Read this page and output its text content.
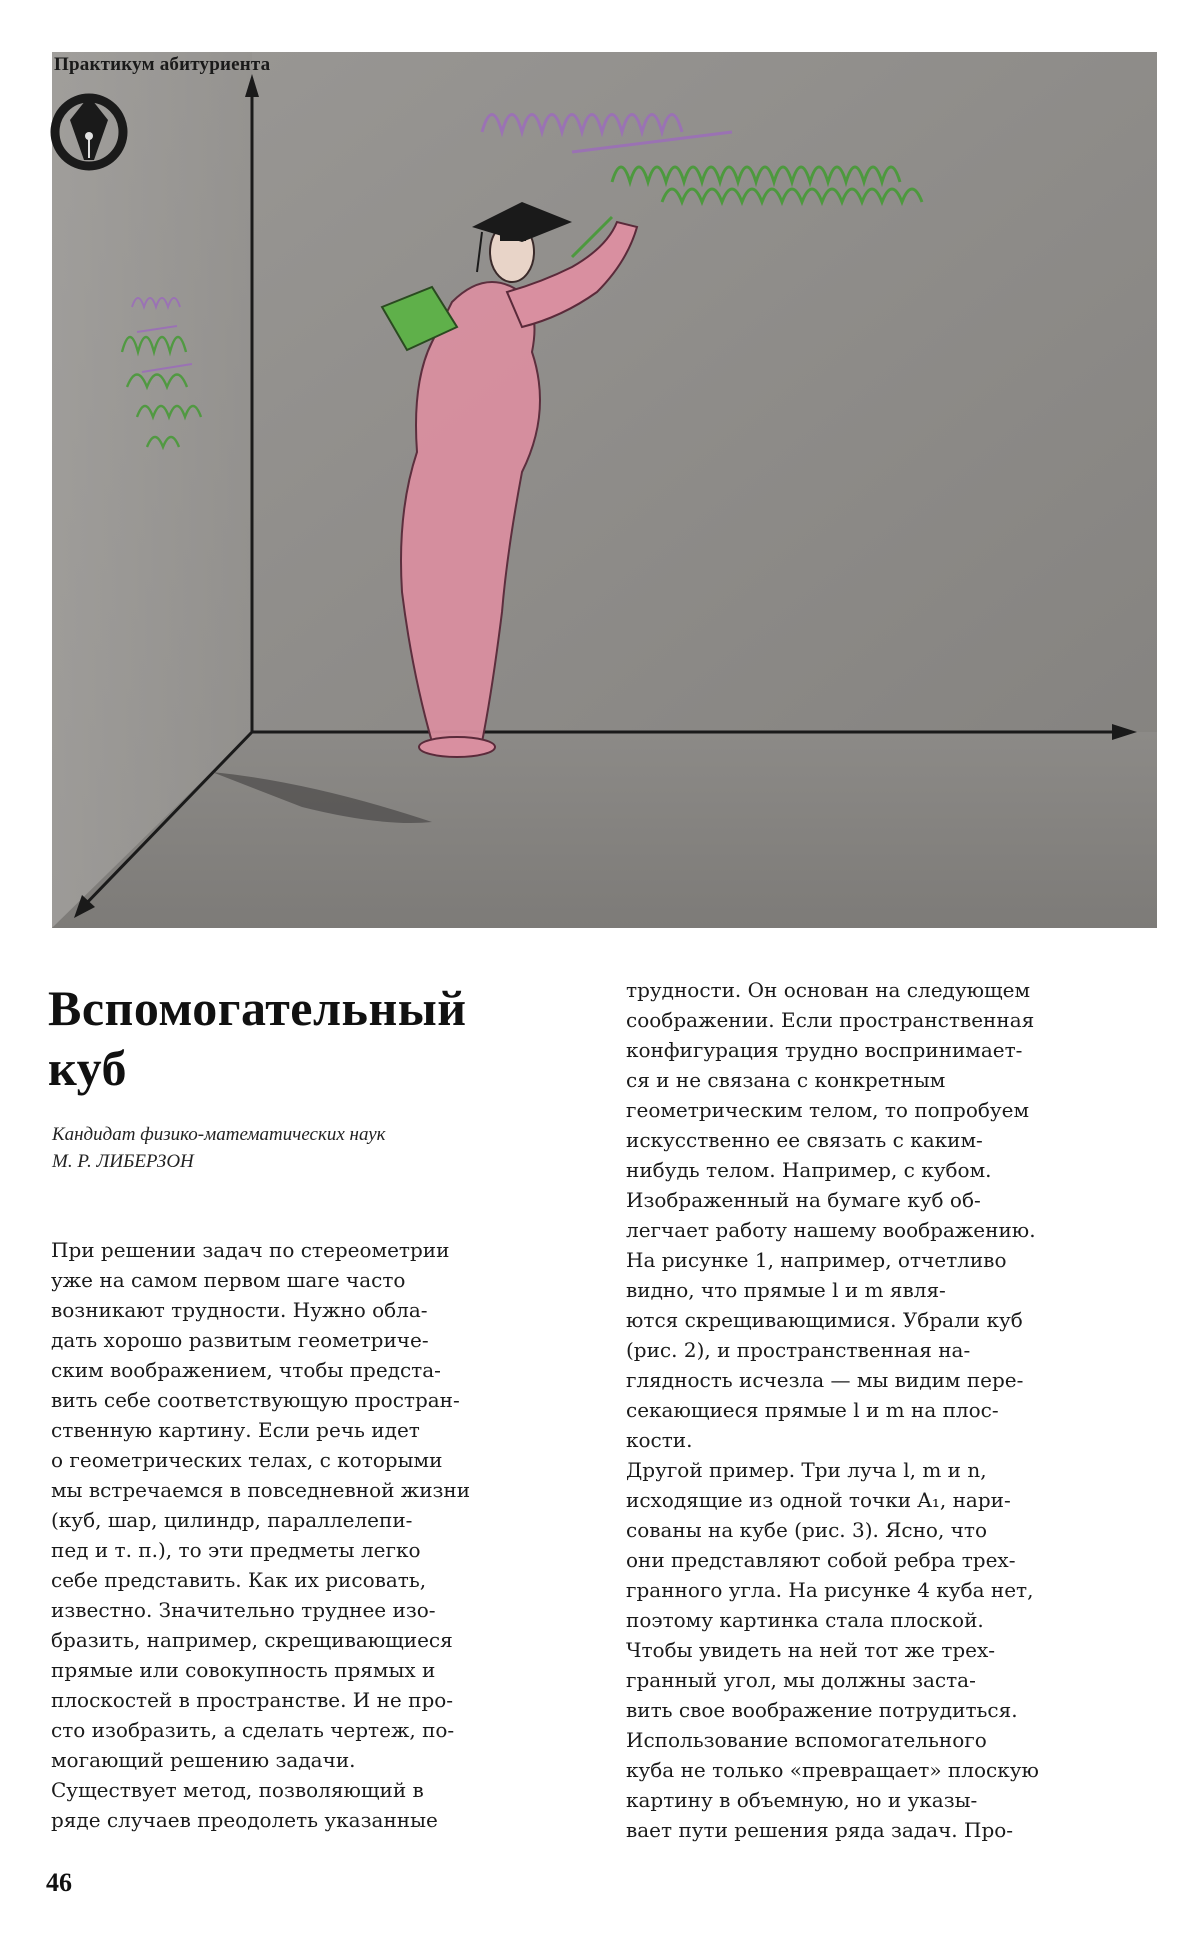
Практикум абитуриента
Вспомогательный
куб
Кандидат физико-математических наук
М. Р. ЛИБЕРЗОН
При решении задач по стереометрии
уже на самом первом шаге часто
возникают трудности. Нужно обла-
дать хорошо развитым геометриче-
ским воображением, чтобы предста-
вить себе соответствующую простран-
ственную картину. Если речь идет
о геометрических телах, с которыми
мы встречаемся в повседневной жизни
(куб, шар, цилиндр, параллелепи-
пед и т. п.), то эти предметы легко
себе представить. Как их рисовать,
известно. Значительно труднее изо-
бразить, например, скрещивающиеся
прямые или совокупность прямых и
плоскостей в пространстве. И не про-
сто изобразить, а сделать чертеж, по-
могающий решению задачи.
Существует метод, позволяющий в
ряде случаев преодолеть указанные
трудности. Он основан на следующем
соображении. Если пространственная
конфигурация трудно воспринимает-
ся и не связана с конкретным
геометрическим телом, то попробуем
искусственно ее связать с каким-
нибудь телом. Например, с кубом.
Изображенный на бумаге куб об-
легчает работу нашему воображению.
На рисунке 1, например, отчетливо
видно, что прямые l и m явля-
ются скрещивающимися. Убрали куб
(рис. 2), и пространственная на-
глядность исчезла — мы видим пере-
секающиеся прямые l и m на плос-
кости.
Другой пример. Три луча l, m и n,
исходящие из одной точки A₁, нари-
сованы на кубе (рис. 3). Ясно, что
они представляют собой ребра трех-
гранного угла. На рисунке 4 куба нет,
поэтому картинка стала плоской.
Чтобы увидеть на ней тот же трех-
гранный угол, мы должны заста-
вить свое воображение потрудиться.
Использование вспомогательного
куба не только «превращает» плоскую
картину в объемную, но и указы-
вает пути решения ряда задач. Про-
46
